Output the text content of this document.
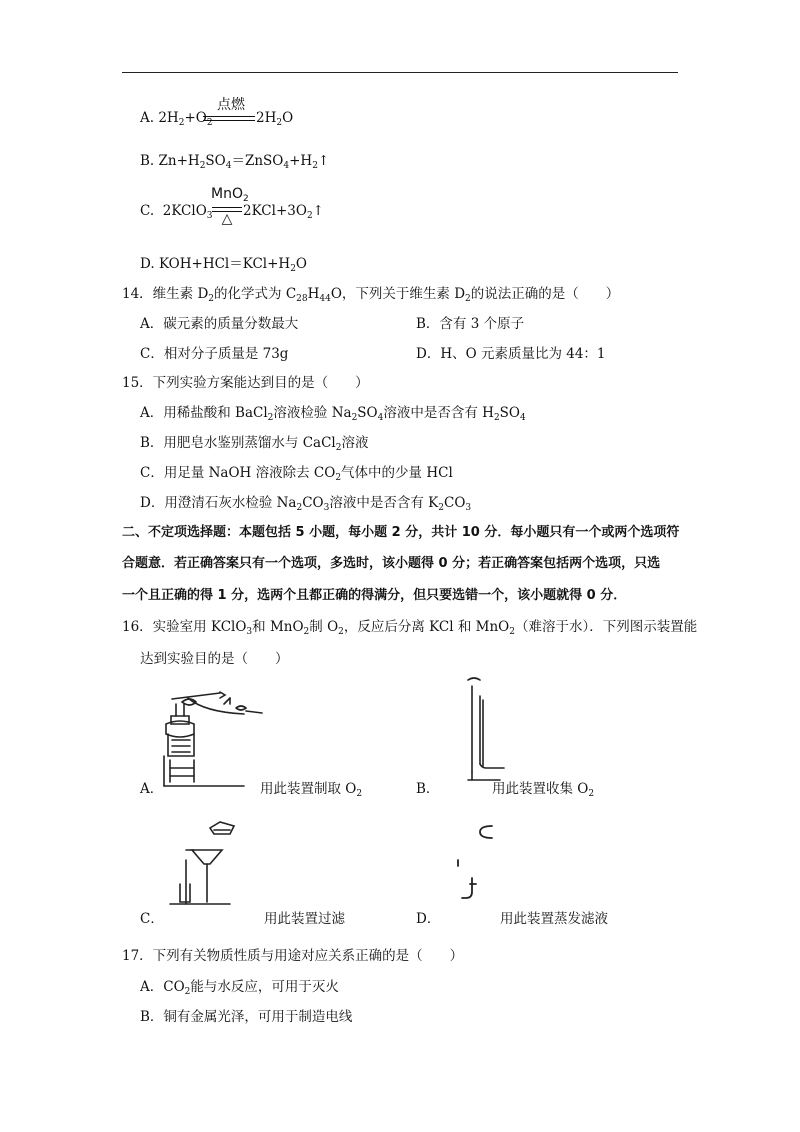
A. $2H_2+O_2$
点燃
$2H_2O$
B. $Zn+H_2SO_4=ZnSO_4+H_2↑$
C. 2KClO$_3$
MnO$_2$
△ $2KCl+3O_2↑$
D. $KOH+HCl=KCl+H_2O$
14．维生素 $D_2$的化学式为 $C_{28}H_{44}O$，下列关于维生素 $D_2$的说法正确的是（　　）
A．碳元素的质量分数最大	B．含有 3 个原子
C．相对分子质量是 73g	D．H、O 元素质量比为 44：1
15．下列实验方案能达到目的是（　　）
A．用稀盐酸和 BaCl$_2$溶液检验 $Na_2SO_4$溶液中是否含有 $H_2SO_4$
B．用肥皂水鉴别蒸馏水与 CaCl$_2$溶液
C．用足量 NaOH 溶液除去 $CO_2$气体中的少量 HCl
D．用澄清石灰水检验 $Na_2CO_3$溶液中是否含有 $K_2CO_3$
二、不定项选择题：本题包括 5 小题，每小题 2 分，共计 10 分．每小题只有一个或两个选项符
合题意．若正确答案只有一个选项，多选时，该小题得 0 分；若正确答案包括两个选项，只选
一个且正确的得 1 分，选两个且都正确的得满分，但只要选错一个，该小题就得 0 分．
16．实验室用 KClO$_3$和 MnO$_2$制 $O_2$，反应后分离 KCl 和 MnO$_2$（难溶于水）．下列图示装置能
达到实验目的是（　　）
A．	用此装置制取 $O_2$	B．	用此装置收集 $O_2$
C．	用此装置过滤	D．	用此装置蒸发滤液
17．下列有关物质性质与用途对应关系正确的是（　　）
A．$CO_2$能与水反应，可用于灭火
B．铜有金属光泽，可用于制造电线
